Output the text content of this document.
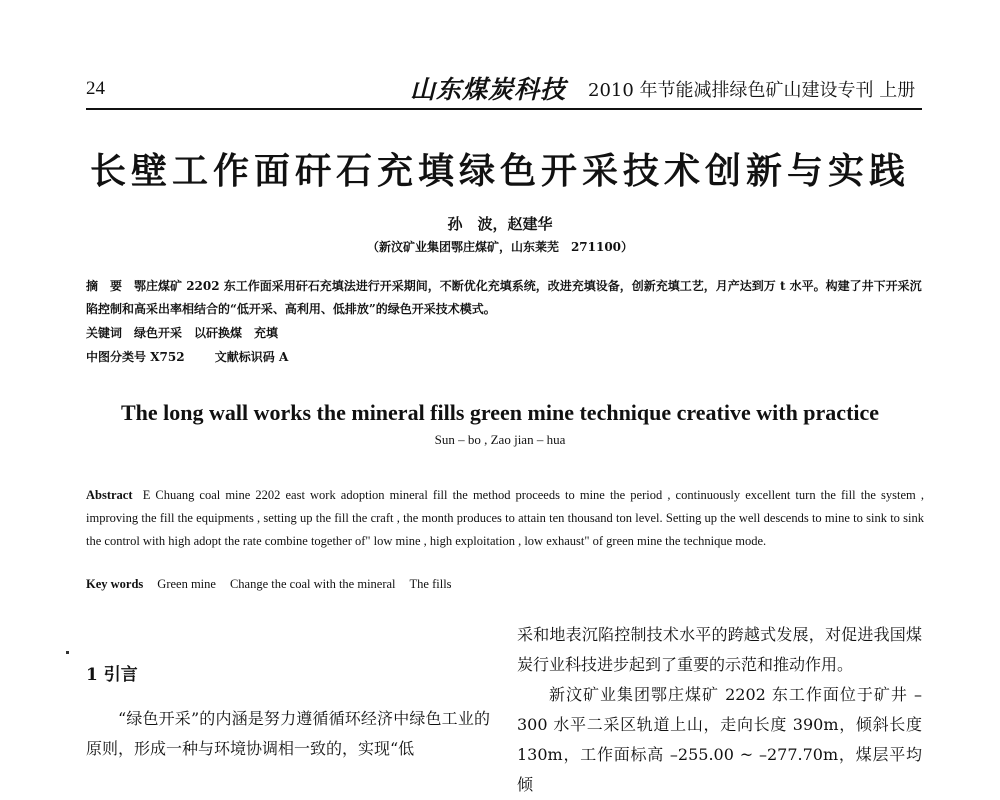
24	山东煤炭科技 2010 年节能减排绿色矿山建设专刊 上册
长壁工作面矸石充填绿色开采技术创新与实践
孙　波，赵建华
（新汶矿业集团鄂庄煤矿，山东莱芜　271100）
摘　要 鄂庄煤矿 2202 东工作面采用矸石充填法进行开采期间，不断优化充填系统，改进充填设备，创新充填工艺，月产达到万 t 水平。构建了井下开采沉陷控制和高采出率相结合的“低开采、高利用、低排放”的绿色开采技术模式。
关键词 绿色开采 以矸换煤 充填
中图分类号 X752	文献标识码 A
The long wall works the mineral fills green mine technique creative with practice
Sun – bo , Zao jian – hua
Abstract E Chuang coal mine 2202 east work adoption mineral fill the method proceeds to mine the period , continuously excellent turn the fill the system , improving the fill the equipments , setting up the fill the craft , the month produces to attain ten thousand ton level. Setting up the well descends to mine to sink to sink the control with high adopt the rate combine together of" low mine , high exploitation , low exhaust" of green mine the technique mode.
Key words Green mine Change the coal with the mineral The fills
1 引言
“绿色开采”的内涵是努力遵循循环经济中绿色工业的原则，形成一种与环境协调相一致的，实现“低
采和地表沉陷控制技术水平的跨越式发展，对促进我国煤炭行业科技进步起到了重要的示范和推动作用。
新汶矿业集团鄂庄煤矿 2202 东工作面位于矿井 –300 水平二采区轨道上山，走向长度 390m，倾斜长度 130m，工作面标高 –255.00 ~ –277.70m，煤层平均倾
